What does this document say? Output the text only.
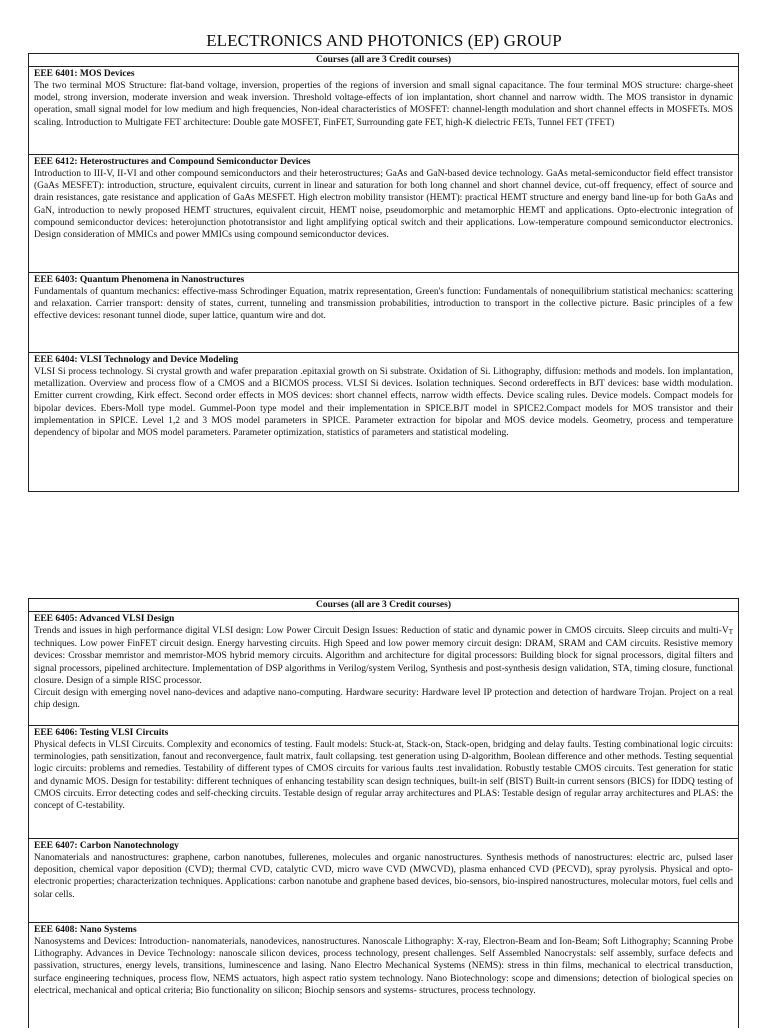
ELECTRONICS AND PHOTONICS (EP) GROUP
Courses (all are 3 Credit courses)
EEE 6401: MOS Devices
The two terminal MOS Structure: flat-band voltage, inversion, properties of the regions of inversion and small signal capacitance. The four terminal MOS structure: charge-sheet model, strong inversion, moderate inversion and weak inversion. Threshold voltage-effects of ion implantation, short channel and narrow width. The MOS transistor in dynamic operation, small signal model for low medium and high frequencies, Non-ideal characteristics of MOSFET: channel-length modulation and short channel effects in MOSFETs. MOS scaling. Introduction to Multigate FET architecture: Double gate MOSFET, FinFET, Surrounding gate FET, high-K dielectric FETs, Tunnel FET (TFET)
EEE 6412: Heterostructures and Compound Semiconductor Devices
Introduction to III-V, II-VI and other compound semiconductors and their heterostructures; GaAs and GaN-based device technology. GaAs metal-semiconductor field effect transistor (GaAs MESFET): introduction, structure, equivalent circuits, current in linear and saturation for both long channel and short channel device, cut-off frequency, effect of source and drain resistances, gate resistance and application of GaAs MESFET. High electron mobility transistor (HEMT): practical HEMT structure and energy band line-up for both GaAs and GaN, introduction to newly proposed HEMT structures, equivalent circuit, HEMT noise, pseudomorphic and metamorphic HEMT and applications. Opto-electronic integration of compound semiconductor devices: heterojunction phototransistor and light amplifying optical switch and their applications. Low-temperature compound semiconductor electronics. Design consideration of MMICs and power MMICs using compound semiconductor devices.
EEE 6403: Quantum Phenomena in Nanostructures
Fundamentals of quantum mechanics: effective-mass Schrodinger Equation, matrix representation, Green's function: Fundamentals of nonequilibrium statistical mechanics: scattering and relaxation. Carrier transport: density of states, current, tunneling and transmission probabilities, introduction to transport in the collective picture. Basic principles of a few effective devices: resonant tunnel diode, super lattice, quantum wire and dot.
EEE 6404: VLSI Technology and Device Modeling
VLSI Si process technology. Si crystal growth and wafer preparation .epitaxial growth on Si substrate. Oxidation of Si. Lithography, diffusion: methods and models. Ion implantation, metallization. Overview and process flow of a CMOS and a BICMOS process. VLSI Si devices. Isolation techniques. Second ordereffects in BJT devices: base width modulation. Emitter current crowding, Kirk effect. Second order effects in MOS devices: short channel effects, narrow width effects. Device scaling rules. Device models. Compact models for bipolar devices. Ebers-Moll type model. Gummel-Poon type model and their implementation in SPICE.BJT model in SPICE2.Compact models for MOS transistor and their implementation in SPICE. Level 1,2 and 3 MOS model parameters in SPICE. Parameter extraction for bipolar and MOS device models. Geometry, process and temperature dependency of bipolar and MOS model parameters. Parameter optimization, statistics of parameters and statistical modeling.
Courses (all are 3 Credit courses)
EEE 6405: Advanced VLSI Design

Trends and issues in high performance digital VLSI design: Low Power Circuit Design Issues: Reduction of static and dynamic power in CMOS circuits. Sleep circuits and multi-VT techniques. Low power FinFET circuit design. Energy harvesting circuits. High Speed and low power memory circuit design: DRAM, SRAM and CAM circuits. Resistive memory devices: Crossbar memristor and memristor-MOS hybrid memory circuits. Algorithm and architecture for digital processors: Building block for signal processors, digital filters and signal processors, pipelined architecture. Implementation of DSP algorithms in Verilog/system Verilog, Synthesis and post-synthesis design validation, STA, timing closure, functional closure. Design of a simple RISC processor.

Circuit design with emerging novel nano-devices and adaptive nano-computing. Hardware security: Hardware level IP protection and detection of hardware Trojan. Project on a real chip design.

EEE 6406: Testing VLSI Circuits
Physical defects in VLSI Circuits. Complexity and economics of testing. Fault models: Stuck-at, Stack-on, Stack-open, bridging and delay faults. Testing combinational logic circuits: terminologies, path sensitization, fanout and reconvergence, fault matrix, fault collapsing. test generation using D-algorithm, Boolean difference and other methods. Testing sequential logic circuits: problems and remedies. Testability of different types of CMOS circuits for various faults .test invalidation. Robustly testable CMOS circuits. Test generation for static and dynamic MOS. Design for testability: different techniques of enhancing testability scan design techniques, built-in self (BIST) Built-in current sensors (BICS) for IDDQ testing of CMOS circuits. Error detecting codes and self-checking circuits. Testable design of regular array architectures and PLAS: Testable design of regular array architectures and PLAS: the concept of C-testability.
EEE 6407: Carbon Nanotechnology
Nanomaterials and nanostructures: graphene, carbon nanotubes, fullerenes, molecules and organic nanostructures. Synthesis methods of nanostructures: electric arc, pulsed laser deposition, chemical vapor deposition (CVD); thermal CVD, catalytic CVD, micro wave CVD (MWCVD), plasma enhanced CVD (PECVD), spray pyrolysis. Physical and opto-electronic properties; characterization techniques. Applications: carbon nanotube and graphene based devices, bio-sensors, bio-inspired nanostructures, molecular motors, fuel cells and solar cells.
EEE 6408: Nano Systems
Nanosystems and Devices: Introduction- nanomaterials, nanodevices, nanostructures. Nanoscale Lithography: X-ray, Electron-Beam and Ion-Beam; Soft Lithography; Scanning Probe Lithography. Advances in Device Technology: nanoscale silicon devices, process technology, present challenges. Self Assembled Nanocrystals: self assembly, surface defects and passivation, structures, energy levels, transitions, luminescence and lasing. Nano Electro Mechanical Systems (NEMS): stress in thin films, mechanical to electrical transduction, surface engineering techniques, process flow, NEMS actuators, high aspect ratio system technology. Nano Biotechnology: scope and dimensions; detection of biological species on electrical, mechanical and optical criteria; Bio functionality on silicon; Biochip sensors and systems- structures, process technology.
